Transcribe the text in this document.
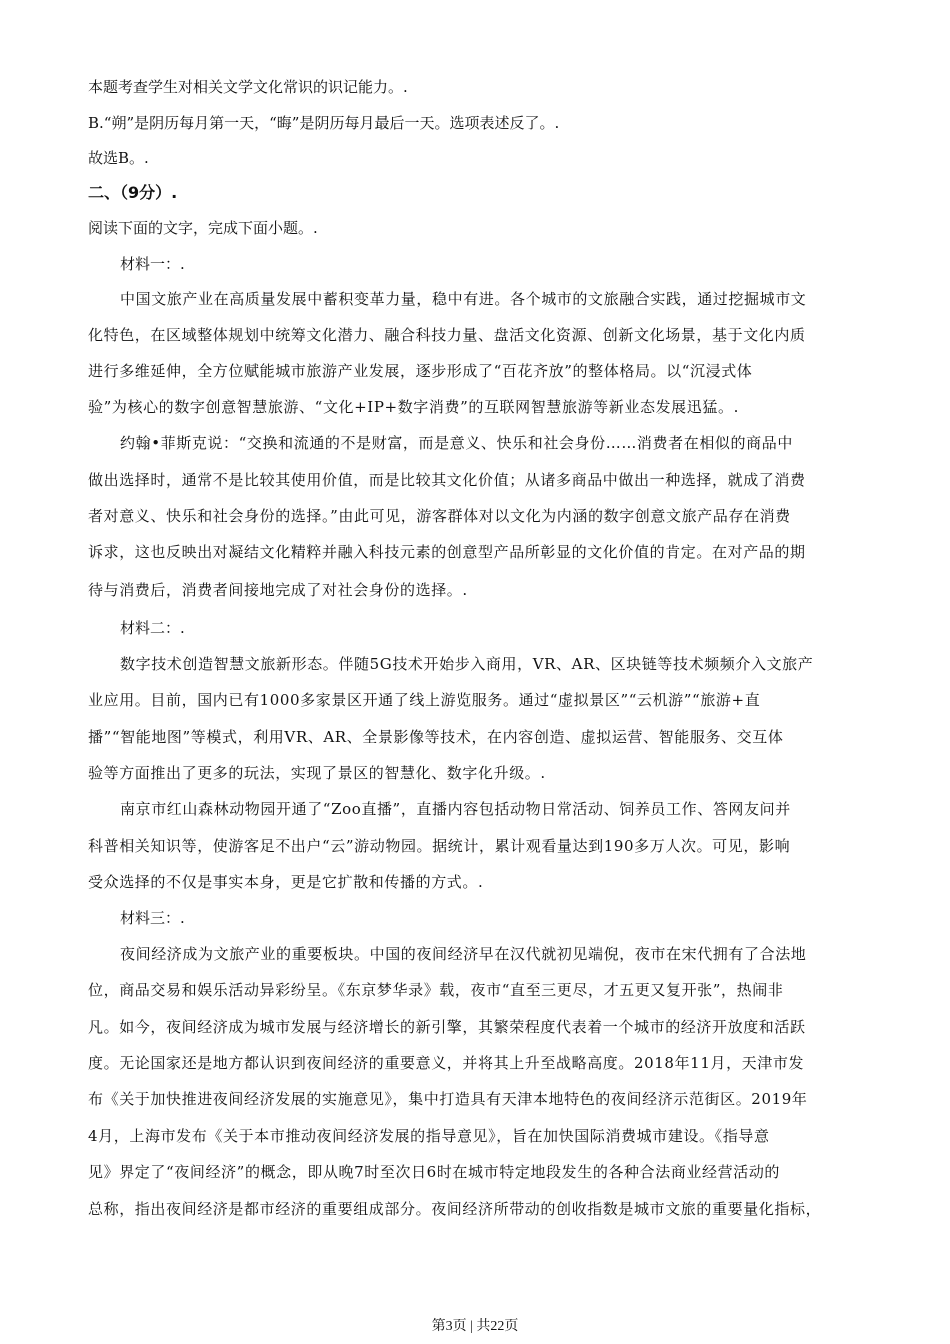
本题考查学生对相关文学文化常识的识记能力。.
B.“朔”是阴历每月第一天，“晦”是阴历每月最后一天。选项表述反了。.
故选B。.
二、（9分）.
阅读下面的文字，完成下面小题。.
材料一：.
中国文旅产业在高质量发展中蓄积变革力量，稳中有进。各个城市的文旅融合实践，通过挖掘城市文
化特色，在区域整体规划中统筹文化潜力、融合科技力量、盘活文化资源、创新文化场景，基于文化内质
进行多维延伸，全方位赋能城市旅游产业发展，逐步形成了“百花齐放”的整体格局。以“沉浸式体
验”为核心的数字创意智慧旅游、“文化+IP+数字消费”的互联网智慧旅游等新业态发展迅猛。.
约翰•菲斯克说：“交换和流通的不是财富，而是意义、快乐和社会身份……消费者在相似的商品中
做出选择时，通常不是比较其使用价值，而是比较其文化价值；从诸多商品中做出一种选择，就成了消费
者对意义、快乐和社会身份的选择。”由此可见，游客群体对以文化为内涵的数字创意文旅产品存在消费
诉求，这也反映出对凝结文化精粹并融入科技元素的创意型产品所彰显的文化价值的肯定。在对产品的期
待与消费后，消费者间接地完成了对社会身份的选择。.
材料二：.
数字技术创造智慧文旅新形态。伴随5G技术开始步入商用，VR、AR、区块链等技术频频介入文旅产
业应用。目前，国内已有1000多家景区开通了线上游览服务。通过“虚拟景区”“云机游”“旅游+直
播”“智能地图”等模式，利用VR、AR、全景影像等技术，在内容创造、虚拟运营、智能服务、交互体
验等方面推出了更多的玩法，实现了景区的智慧化、数字化升级。.
南京市红山森林动物园开通了“Zoo直播”，直播内容包括动物日常活动、饲养员工作、答网友问并
科普相关知识等，使游客足不出户“云”游动物园。据统计，累计观看量达到190多万人次。可见，影响
受众选择的不仅是事实本身，更是它扩散和传播的方式。.
材料三：.
夜间经济成为文旅产业的重要板块。中国的夜间经济早在汉代就初见端倪，夜市在宋代拥有了合法地
位，商品交易和娱乐活动异彩纷呈。《东京梦华录》载，夜市“直至三更尽，才五更又复开张”，热闹非
凡。如今，夜间经济成为城市发展与经济增长的新引擎，其繁荣程度代表着一个城市的经济开放度和活跃
度。无论国家还是地方都认识到夜间经济的重要意义，并将其上升至战略高度。2018年11月，天津市发
布《关于加快推进夜间经济发展的实施意见》，集中打造具有天津本地特色的夜间经济示范街区。2019年
4月，上海市发布《关于本市推动夜间经济发展的指导意见》，旨在加快国际消费城市建设。《指导意
见》界定了“夜间经济”的概念，即从晚7时至次日6时在城市特定地段发生的各种合法商业经营活动的
总称，指出夜间经济是都市经济的重要组成部分。夜间经济所带动的创收指数是城市文旅的重要量化指标，
第3页 | 共22页
